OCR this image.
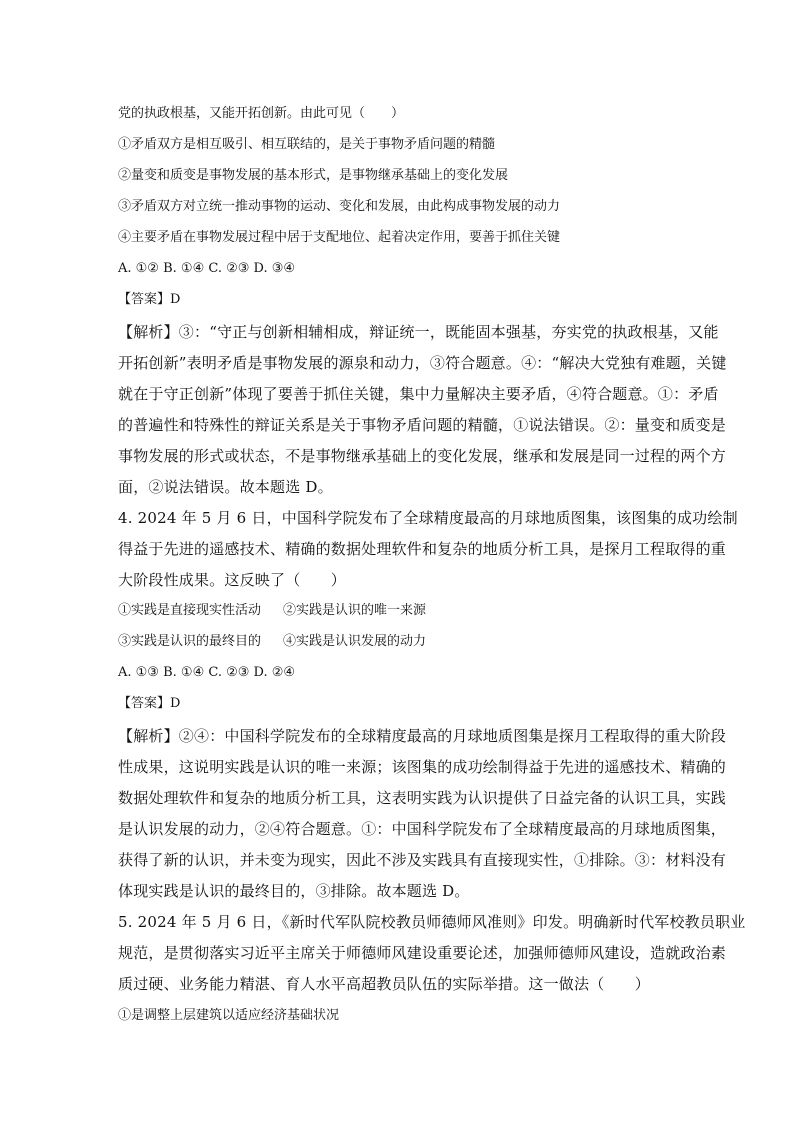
党的执政根基，又能开拓创新。由此可见（　　）
①矛盾双方是相互吸引、相互联结的，是关于事物矛盾问题的精髓
②量变和质变是事物发展的基本形式，是事物继承基础上的变化发展
③矛盾双方对立统一推动事物的运动、变化和发展，由此构成事物发展的动力
④主要矛盾在事物发展过程中居于支配地位、起着决定作用，要善于抓住关键
A. ①② B. ①④ C. ②③ D. ③④
【答案】D
【解析】③：“守正与创新相辅相成，辩证统一，既能固本强基，夯实党的执政根基，又能
开拓创新”表明矛盾是事物发展的源泉和动力，③符合题意。④：“解决大党独有难题，关键
就在于守正创新”体现了要善于抓住关键，集中力量解决主要矛盾，④符合题意。①：矛盾
的普遍性和特殊性的辩证关系是关于事物矛盾问题的精髓，①说法错误。②：量变和质变是
事物发展的形式或状态，不是事物继承基础上的变化发展，继承和发展是同一过程的两个方
面，②说法错误。故本题选 D。
4. 2024 年 5 月 6 日，中国科学院发布了全球精度最高的月球地质图集，该图集的成功绘制
得益于先进的遥感技术、精确的数据处理软件和复杂的地质分析工具，是探月工程取得的重
大阶段性成果。这反映了（　　）
①实践是直接现实性活动 ②实践是认识的唯一来源
③实践是认识的最终目的 ④实践是认识发展的动力
A. ①③ B. ①④ C. ②③ D. ②④
【答案】D
【解析】②④：中国科学院发布的全球精度最高的月球地质图集是探月工程取得的重大阶段
性成果，这说明实践是认识的唯一来源；该图集的成功绘制得益于先进的遥感技术、精确的
数据处理软件和复杂的地质分析工具，这表明实践为认识提供了日益完备的认识工具，实践
是认识发展的动力，②④符合题意。①：中国科学院发布了全球精度最高的月球地质图集，
获得了新的认识，并未变为现实，因此不涉及实践具有直接现实性，①排除。③：材料没有
体现实践是认识的最终目的，③排除。故本题选 D。
5. 2024 年 5 月 6 日，《新时代军队院校教员师德师风准则》印发。明确新时代军校教员职业
规范，是贯彻落实习近平主席关于师德师风建设重要论述，加强师德师风建设，造就政治素
质过硬、业务能力精湛、育人水平高超教员队伍的实际举措。这一做法（　　）
①是调整上层建筑以适应经济基础状况
